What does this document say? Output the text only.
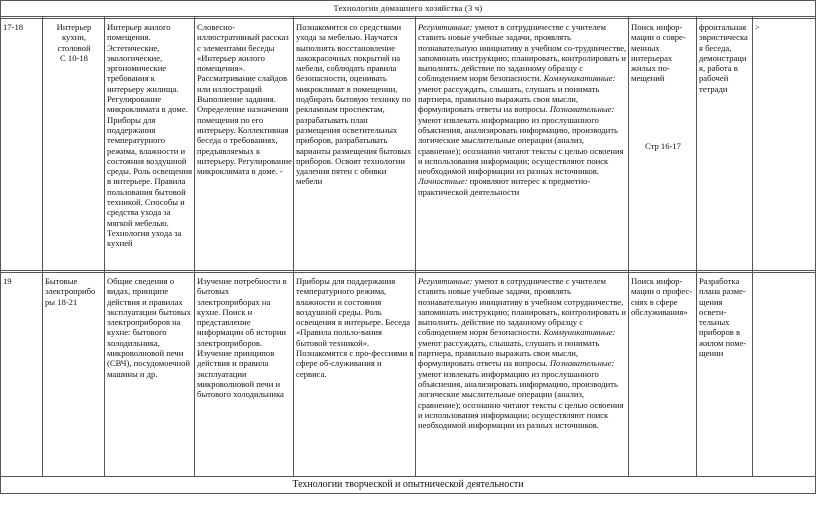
Технологии домашнего хозяйства (3 ч)
17-18	Интерьер кухни, столовой
С 10-18
Интерьер жилого помещения. Эстетические, экологические, эргономические требования к интерьеру жилища. Регулирование микроклимата в доме. Приборы для поддержания температурного режима, влажности и состояния воздушной среды. Роль освещения в интерьере. Правила пользования бытовой техникой. Способы и средства ухода за мягкой мебелью. Технология ухода за кухней
Словесно-иллюстративный рассказ с элементами беседы «Интерьер жилого помещения». Рассматривание слайдов или иллюстраций Выполнение задания. Определение назначения помещения по его интерьеру. Коллективная беседа о требованиях, предъявляемых к интерьеру. Регулирование микроклимата в доме. -
Познакомятся со средствами ухода за мебелью. Научатся выполнять восстановление лакокрасочных покрытий на мебели, соблюдать правила безопасности, оценивать микроклимат в помещении, подбирать бытовую технику по рекламным проспектам, разрабатывать план размещения осветительных приборов, разрабатывать варианты размещения бытовых приборов. Освоят технологии удаления пятен с обивки мебели
Регулятивные: умеют в сотрудничестве с учителем ставить новые учебные задачи, проявлять познавательную инициативу в учебном со-трудничестве, запоминать инструкцию; планировать, контролировать и выполнять. действие по заданному образцу с соблюдением норм безопасности. Коммуникативные: умеют рассуждать, слышать, слушать и понимать партнера, правильно выражать свои мысли, формулировать ответы на вопросы. Познавательные: умеют извлекать информацию из прослушанного объяснения, анализировать информацию, производить логические мыслительные операции (анализ, сравнение); осознанно читают тексты с целью освоения и использования информации; осуществляют поиск необходимой информации из разных источников. Личностные: проявляют интерес к предметно-практической деятельности
Поиск инфор-мации о совре-менных интерьерах жилых по-мещений
Стр 16-17
фронтальная эвристическа я беседа, демонстраци я, работа в рабочей тетради
>
19	Бытовые электроприбо ры 18-21
Общие сведения о видах, принципе действия и правилах эксплуатации бытовых электроприборов на кухне: бытового холодильника, микроволновой печи (СВЧ), посудомоечной машины и др.
Изучение потребности в бытовых электроприборах на кухне. Поиск и представление информации об истории электроприборов. Изучение принципов действия и правила эксплуатации микроволновой печи и бытового холодильника
Приборы для поддержания температурного режима, влажности и состояния воздушной среды. Роль освещения в интерьере. Беседа «Правила пользо-вания бытовой техникой». Познакомятся с про-фессиями в сфере об-служивания и сервиса.
Регулятивные: умеют в сотрудничестве с учителем ставить новые учебные задачи, проявлять познавательную инициативу в учебном сотрудничестве, запоминать инструкцию; планировать, контролировать и выполнять. действие по заданному образцу с соблюдением норм безопасности. Коммуникативные: умеют рассуждать, слышать, слушать и понимать партнера, правильно выражать свои мысли, формулировать ответы на вопросы. Познавательные: умеют извлекать информацию из прослушанного объяснения, анализировать информацию, производить логические мыслительные операции (анализ, сравнение); осознанно читают тексты с целью освоения и использования информации; осуществляют поиск необходимой информации из разных источников.
Поиск инфор-мации о профес-сиях в сфере обслуживания»
Разработка плана разме-щения освети-тельных приборов в жилом поме-щении
Технологии творческой и опытнической деятельности
